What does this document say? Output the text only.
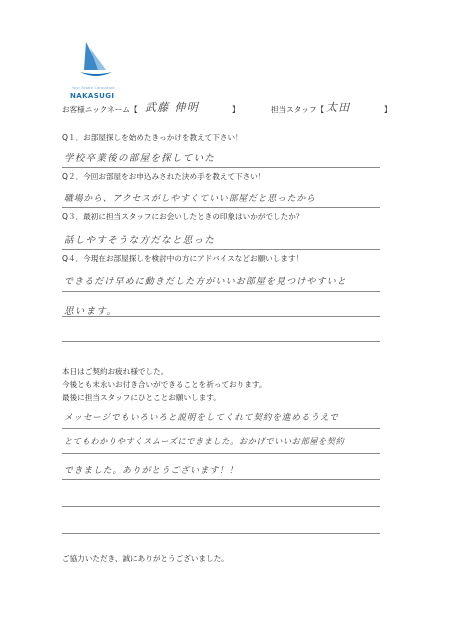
Your Estate Consultant
NAKASUGI
お客様ニックネーム【 武藤 伸明	】	担当スタッフ【 太田	】
Q１．お部屋探しを始めたきっかけを教えて下さい！
学校卒業後の部屋を探していた
Q２．今回お部屋をお申込みされた決め手を教えて下さい！
職場から、アクセスがしやすくていい部屋だと思ったから
Q３．最初に担当スタッフにお会いしたときの印象はいかがでしたか？
話しやすそうな方だなと思った
Q４．今現在お部屋探しを検討中の方にアドバイスなどお願いします！
できるだけ早めに動きだした方がいいお部屋を見つけやすいと
思います。
本日はご契約お疲れ様でした。
今後とも末永いお付き合いができることを祈っております。
最後に担当スタッフにひとことお願いします。
メッセージでもいろいろと説明をしてくれて契約を進めるうえで
とてもわかりやすくスムーズにできました。おかげでいいお部屋を契約
できました。ありがとうございます！！
ご協力いただき、誠にありがとうございました。
